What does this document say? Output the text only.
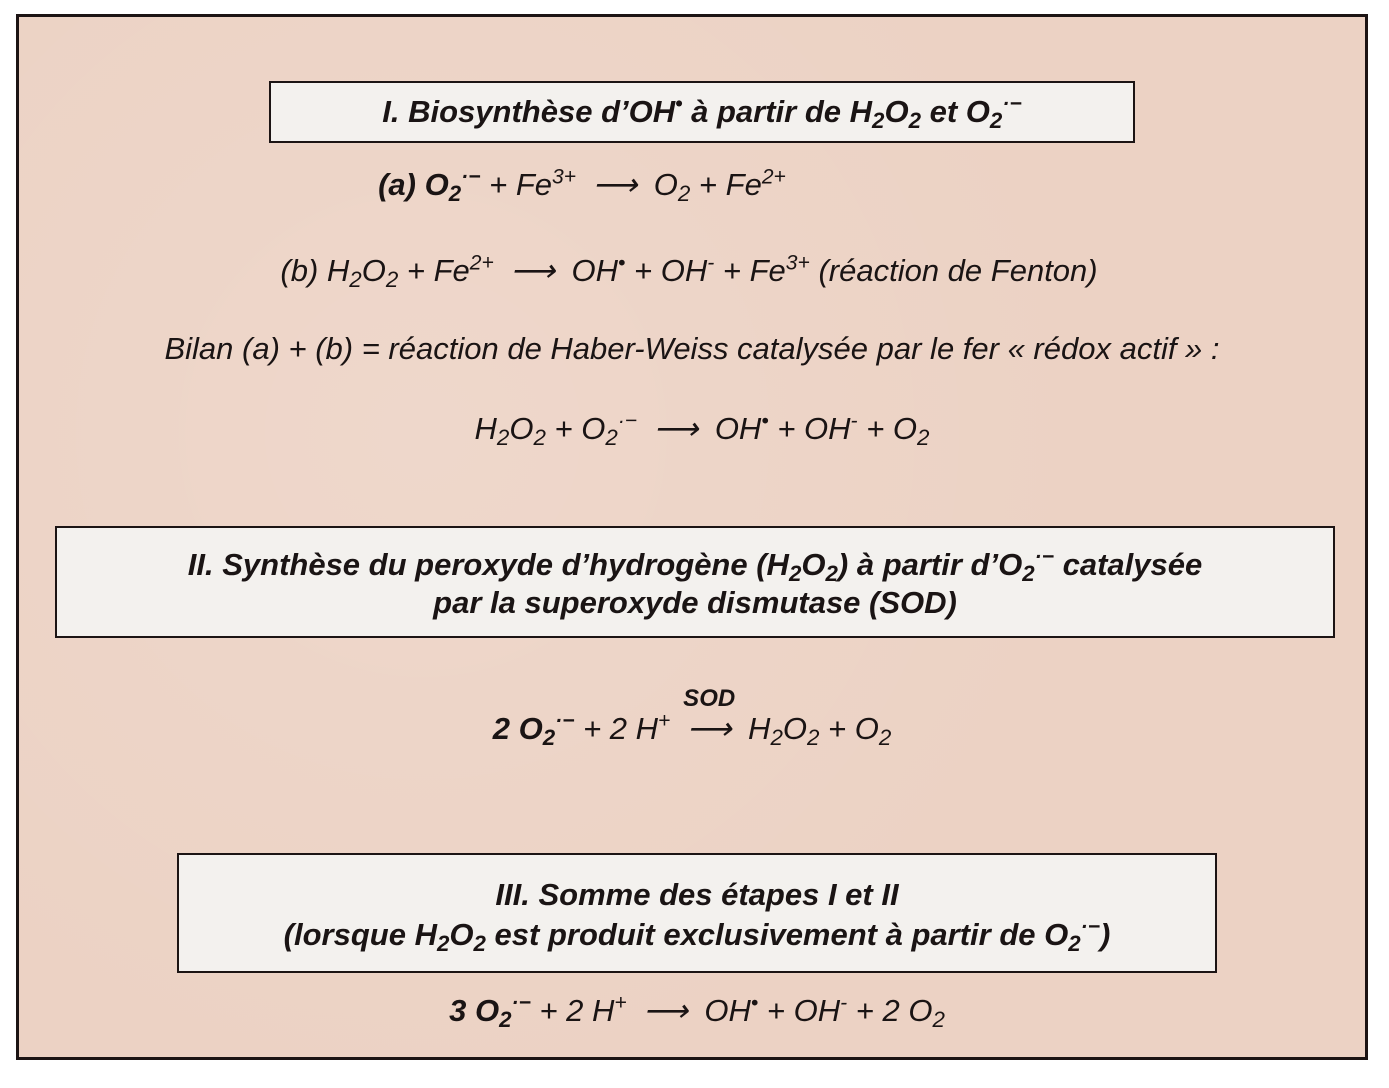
I. Biosynthèse d’OH• à partir de $H_2O_2$ et $O_2^{\cdot-}$
(a) $O_2^{\cdot-} + Fe^{3+}$ ⟶ $O_2 + Fe^{2+}$
(b) $H_2O_2 + Fe^{2+}$ ⟶ $OH^• + OH^- + Fe^{3+}$ (réaction de Fenton)
Bilan (a) + (b) = réaction de Haber-Weiss catalysée par le fer « rédox actif » :
$H_2O_2 + O_2^{\cdot-}$ ⟶ $OH^• + OH^- + O_2$
II. Synthèse du peroxyde d’hydrogène $(H_2O_2)$ à partir $d’O_2^{\cdot-}$ catalysée
par la superoxyde dismutase (SOD)
2 $O_2^{\cdot-} + 2$ H+
SOD
⟶ $H_2O_2 + O_2$
III. Somme des étapes I et II
(lorsque $H_2O_2$ est produit exclusivement à partir de $O_2^{\cdot-}$)
3 $O_2^{\cdot-} + 2$ H+ ⟶ OH• + OH- + 2 $O_2$
